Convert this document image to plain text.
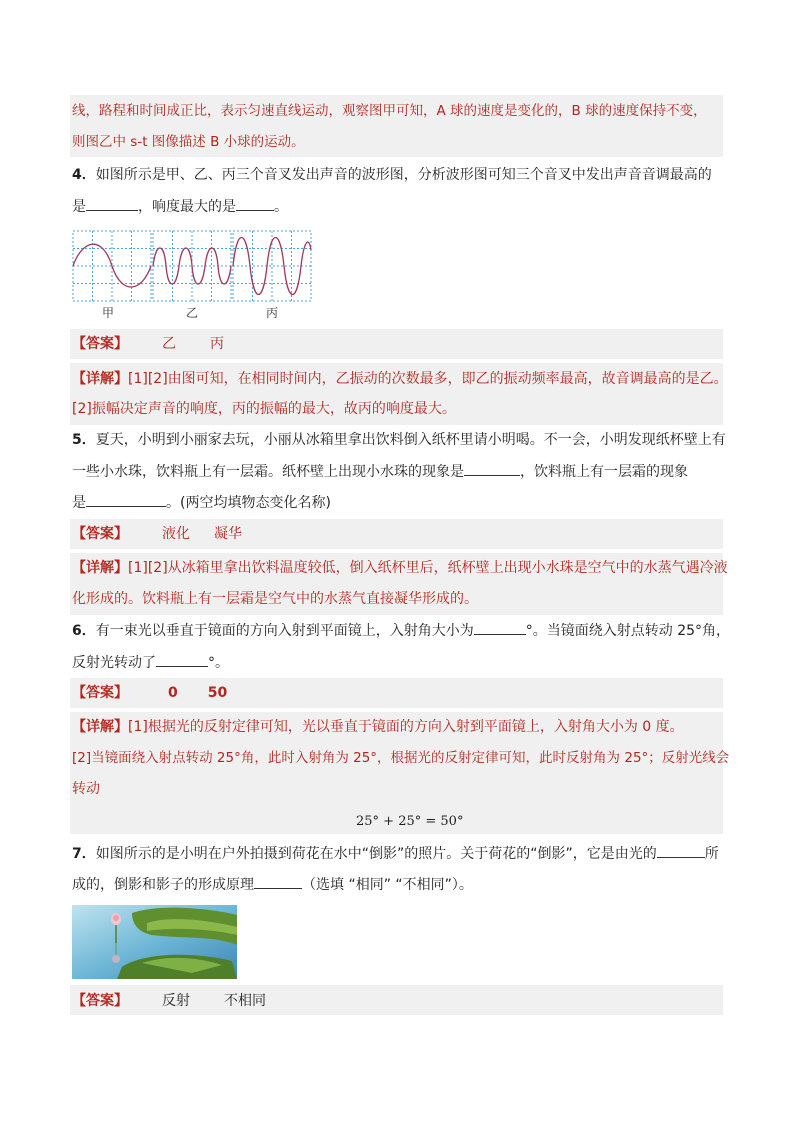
线，路程和时间成正比，表示匀速直线运动，观察图甲可知，A 球的速度是变化的，B 球的速度保持不变，
则图乙中 s-t 图像描述 B 小球的运动。
4．如图所示是甲、乙、丙三个音叉发出声音的波形图，分析波形图可知三个音叉中发出声音音调最高的
是	，响度最大的是	。
甲	乙	丙
【答案】 乙 丙
【详解】[1][2]由图可知，在相同时间内，乙振动的次数最多，即乙的振动频率最高，故音调最高的是乙。
[2]振幅决定声音的响度，丙的振幅的最大，故丙的响度最大。
5．夏天，小明到小丽家去玩，小丽从冰箱里拿出饮料倒入纸杯里请小明喝。不一会，小明发现纸杯壁上有
一些小水珠，饮料瓶上有一层霜。纸杯壁上出现小水珠的现象是	，饮料瓶上有一层霜的现象
是	。(两空均填物态变化名称)
【答案】 液化 凝华
【详解】[1][2]从冰箱里拿出饮料温度较低，倒入纸杯里后，纸杯壁上出现小水珠是空气中的水蒸气遇冷液
化形成的。饮料瓶上有一层霜是空气中的水蒸气直接凝华形成的。
6．有一束光以垂直于镜面的方向入射到平面镜上，入射角大小为	°。当镜面绕入射点转动 25°角，
反射光转动了	°。
【答案】	0 50
【详解】[1]根据光的反射定律可知，光以垂直于镜面的方向入射到平面镜上，入射角大小为 0 度。
[2]当镜面绕入射点转动 25°角，此时入射角为 25°，根据光的反射定律可知，此时反射角为 25°；反射光线会
转动
25° + 25° = 50°
7．如图所示的是小明在户外拍摄到荷花在水中“倒影”的照片。关于荷花的“倒影”，它是由光的	所
成的，倒影和影子的形成原理	（选填 “相同” “不相同”）。
【答案】 反射 不相同
